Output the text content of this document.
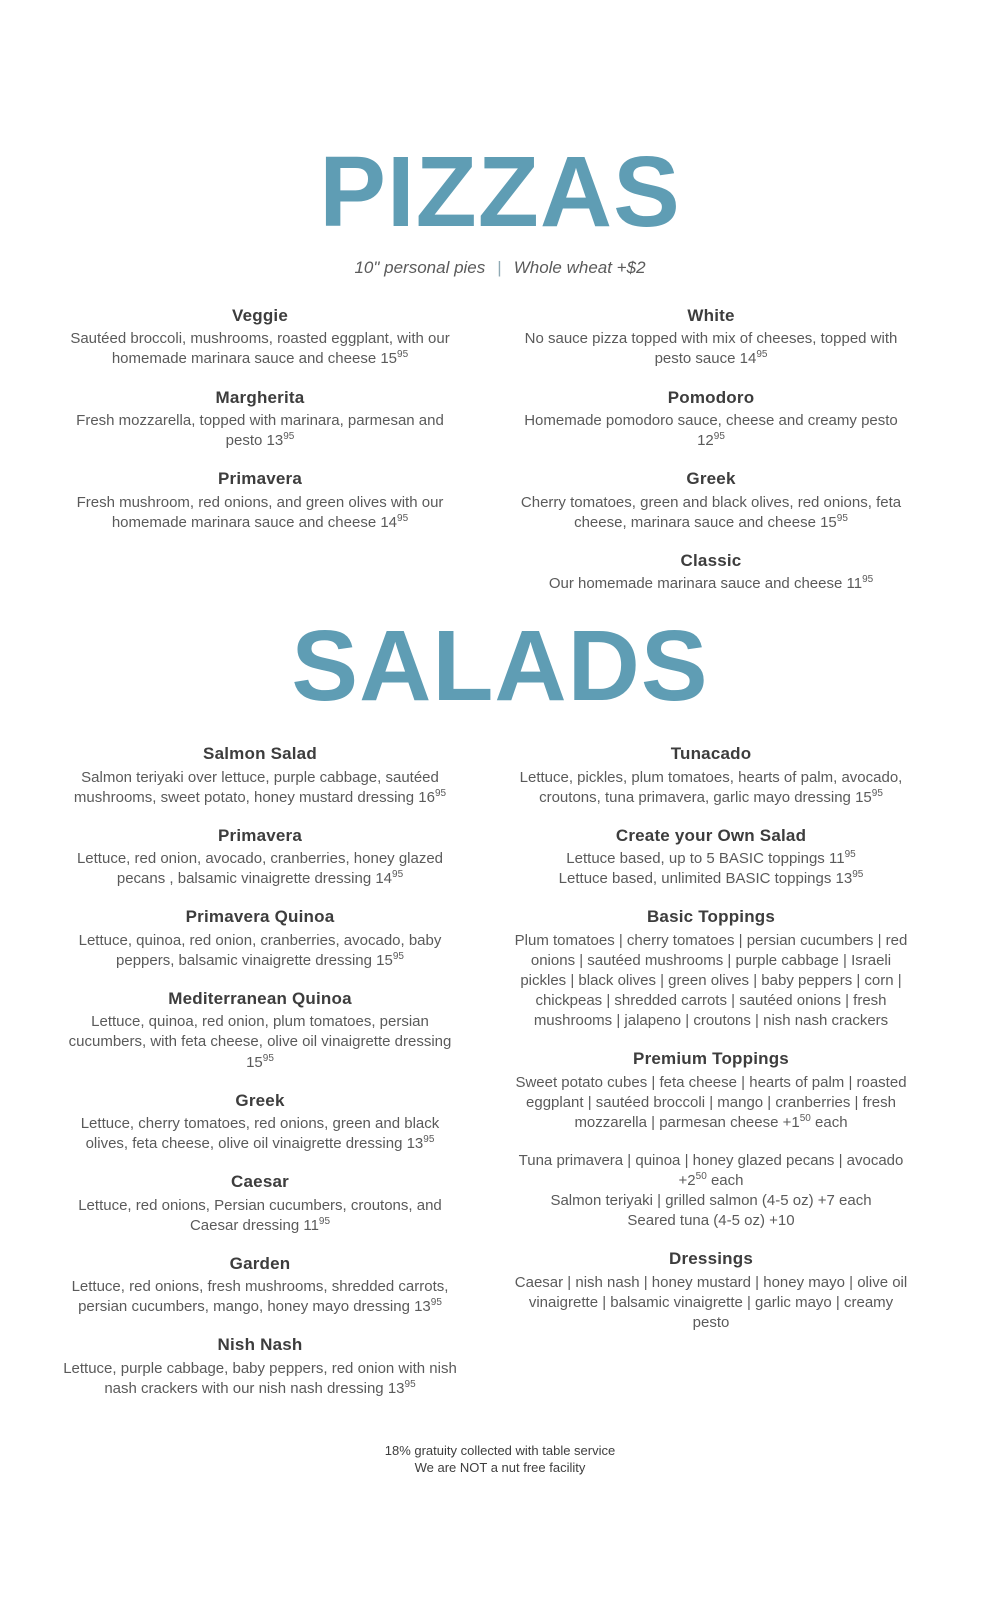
PIZZAS

10" personal pies | Whole wheat +$2

Veggie

Sautéed broccoli, mushrooms, roasted eggplant, with our homemade marinara sauce and cheese $15^{95}$

Margherita

Fresh mozzarella, topped with marinara, parmesan and pesto $13^{95}$

Primavera

Fresh mushroom, red onions, and green olives with our homemade marinara sauce and cheese $14^{95}$

White

No sauce pizza topped with mix of cheeses, topped with pesto sauce $14^{95}$

Pomodoro

Homemade pomodoro sauce, cheese and creamy pesto $12^{95}$

Greek

Cherry tomatoes, green and black olives, red onions, feta cheese, marinara sauce and cheese $15^{95}$

Classic

Our homemade marinara sauce and cheese $11^{95}$

SALADS
Salmon Salad

Salmon teriyaki over lettuce, purple cabbage, sautéed mushrooms, sweet potato, honey mustard dressing $16^{95}$

Primavera

Lettuce, red onion, avocado, cranberries, honey glazed pecans , balsamic vinaigrette dressing $14^{95}$

Primavera Quinoa

Lettuce, quinoa, red onion, cranberries, avocado, baby peppers, balsamic vinaigrette dressing $15^{95}$

Mediterranean Quinoa

Lettuce, quinoa, red onion, plum tomatoes, persian cucumbers, with feta cheese, olive oil vinaigrette dressing $15^{95}$

Greek

Lettuce, cherry tomatoes, red onions, green and black olives, feta cheese, olive oil vinaigrette dressing $13^{95}$

Caesar

Lettuce, red onions, Persian cucumbers, croutons, and Caesar dressing $11^{95}$

Garden

Lettuce, red onions, fresh mushrooms, shredded carrots, persian cucumbers, mango, honey mayo dressing $13^{95}$

Nish Nash

Lettuce, purple cabbage, baby peppers, red onion with nish nash crackers with our nish nash dressing $13^{95}$

Tunacado

Lettuce, pickles, plum tomatoes, hearts of palm, avocado, croutons, tuna primavera, garlic mayo dressing $15^{95}$

Create your Own Salad

Lettuce based, up to 5 BASIC toppings $11^{95}$
Lettuce based, unlimited BASIC toppings $13^{95}$

Basic Toppings

Plum tomatoes | cherry tomatoes | persian cucumbers | red onions | sautéed mushrooms | purple cabbage | Israeli pickles | black olives | green olives | baby peppers | corn | chickpeas | shredded carrots | sautéed onions | fresh mushrooms | jalapeno | croutons | nish nash crackers

Premium Toppings

Sweet potato cubes | feta cheese | hearts of palm | roasted eggplant | sautéed broccoli | mango | cranberries | fresh mozzarella | parmesan cheese $+1^{50}$ each

Tuna primavera | quinoa | honey glazed pecans | avocado $+2^{50}$ each
Salmon teriyaki | grilled salmon (4-5 oz) +7 each
Seared tuna (4-5 oz) +10

Dressings

Caesar | nish nash | honey mustard | honey mayo | olive oil vinaigrette | balsamic vinaigrette | garlic mayo | creamy pesto

18% gratuity collected with table service
We are NOT a nut free facility
